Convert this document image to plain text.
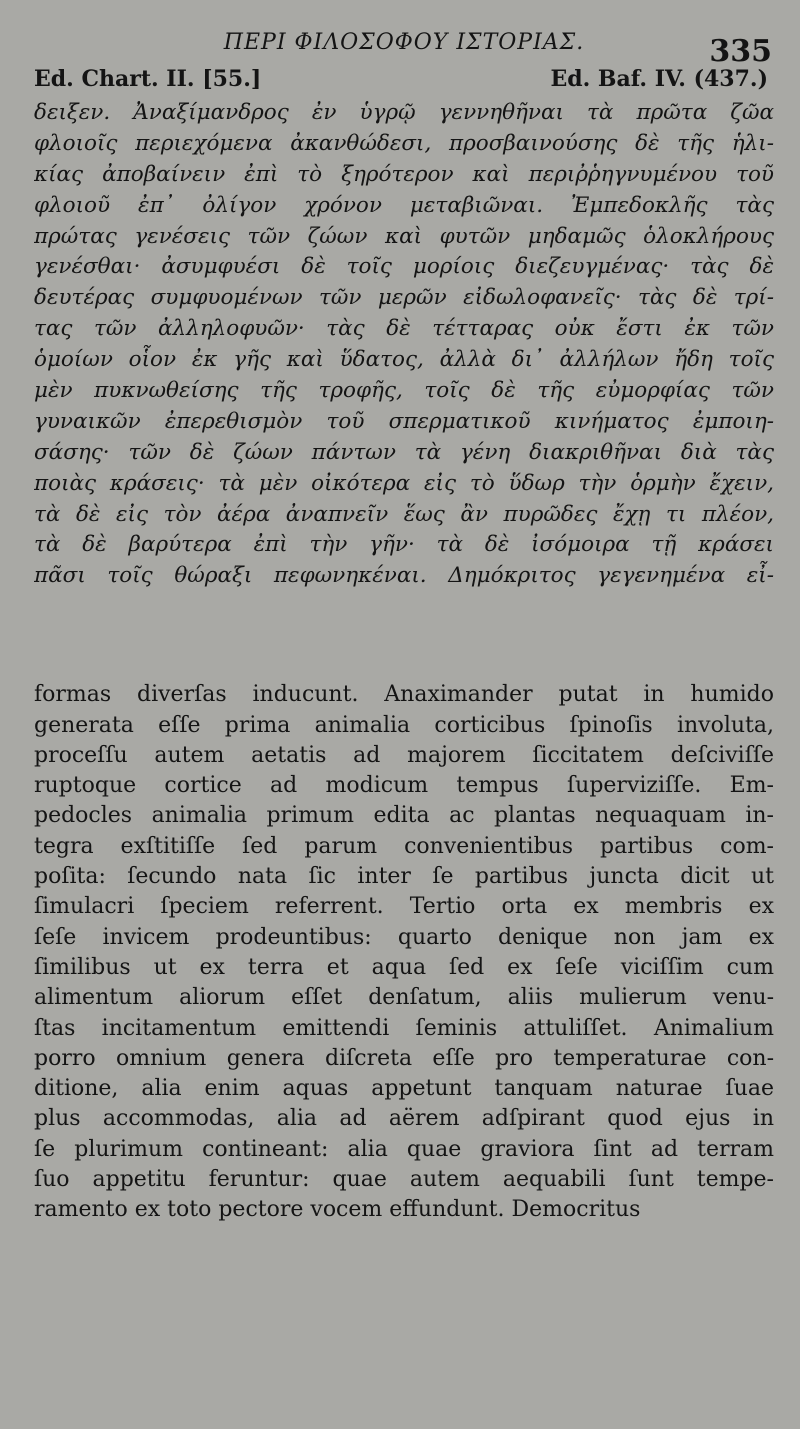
ΠΕΡΙ ΦΙΛΟΣΟΦΟΥ ΙΣΤΟΡΙΑΣ.	335
Ed. Chart. II. [55.]	Ed. Baf. IV. (437.)
δειξεν. Ἀναξίμανδρος ἐν ὑγρῷ γεννηθῆναι τὰ πρῶτα ζῶα
φλοιοῖς περιεχόμενα ἀκανθώδεσι, προσβαινούσης δὲ τῆς ἡλι-
κίας ἀποβαίνειν ἐπὶ τὸ ξηρότερον καὶ περιῤῥηγνυμένου τοῦ
φλοιοῦ ἐπ᾽ ὀλίγον χρόνον μεταβιῶναι. Ἐμπεδοκλῆς τὰς
πρώτας γενέσεις τῶν ζώων καὶ φυτῶν μηδαμῶς ὁλοκλήρους
γενέσθαι· ἀσυμφυέσι δὲ τοῖς μορίοις διεζευγμένας· τὰς δὲ
δευτέρας συμφυομένων τῶν μερῶν εἰδωλοφανεῖς· τὰς δὲ τρί-
τας τῶν ἀλληλοφυῶν· τὰς δὲ τέτταρας οὐκ ἔστι ἐκ τῶν
ὁμοίων οἷον ἐκ γῆς καὶ ὕδατος, ἀλλὰ δι᾽ ἀλλήλων ἤδη τοῖς
μὲν πυκνωθείσης τῆς τροφῆς, τοῖς δὲ τῆς εὐμορφίας τῶν
γυναικῶν ἐπερεθισμὸν τοῦ σπερματικοῦ κινήματος ἐμποιη-
σάσης· τῶν δὲ ζώων πάντων τὰ γένη διακριθῆναι διὰ τὰς
ποιὰς κράσεις· τὰ μὲν οἰκότερα εἰς τὸ ὕδωρ τὴν ὁρμὴν ἔχειν,
τὰ δὲ εἰς τὸν ἀέρα ἀναπνεῖν ἕως ἂν πυρῶδες ἔχῃ τι πλέον,
τὰ δὲ βαρύτερα ἐπὶ τὴν γῆν· τὰ δὲ ἰσόμοιρα τῇ κράσει
πᾶσι τοῖς θώραξι πεφωνηκέναι. Δημόκριτος γεγενημένα εἶ-
formas diverſas inducunt. Anaximander putat in humido
generata eſſe prima animalia corticibus ſpinoſis involuta,
proceſſu autem aetatis ad majorem ſiccitatem deſciviſſe
ruptoque cortice ad modicum tempus ſuperviziſſe. Em-
pedocles animalia primum edita ac plantas nequaquam in-
tegra exſtitiſſe ſed parum convenientibus partibus com-
poſita: ſecundo nata ſic inter ſe partibus juncta dicit ut
ſimulacri ſpeciem referrent. Tertio orta ex membris ex
ſeſe invicem prodeuntibus: quarto denique non jam ex
ſimilibus ut ex terra et aqua ſed ex ſeſe viciſſim cum
alimentum aliorum eſſet denſatum, aliis mulierum venu-
ſtas incitamentum emittendi ſeminis attuliſſet. Animalium
porro omnium genera diſcreta eſſe pro temperaturae con-
ditione, alia enim aquas appetunt tanquam naturae ſuae
plus accommodas, alia ad aërem adſpirant quod ejus in
ſe plurimum contineant: alia quae graviora ſint ad terram
ſuo appetitu feruntur: quae autem aequabili ſunt tempe-
ramento ex toto pectore vocem effundunt. Democritus
